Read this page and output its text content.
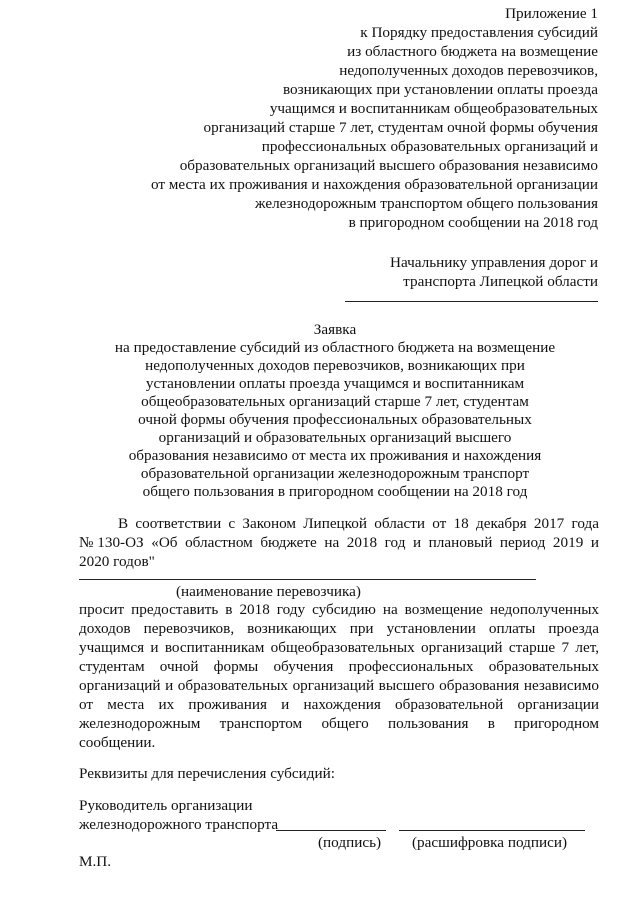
Приложение 1
к Порядку предоставления субсидий
из областного бюджета на возмещение
недополученных доходов перевозчиков,
возникающих при установлении оплаты проезда
учащимся и воспитанникам общеобразовательных
организаций старше 7 лет, студентам очной формы обучения
профессиональных образовательных организаций и
образовательных организаций высшего образования независимо
от места их проживания и нахождения образовательной организации
железнодорожным транспортом общего пользования
в пригородном сообщении на 2018 год
Начальнику управления дорог и
транспорта Липецкой области
Заявка
на предоставление субсидий из областного бюджета на возмещение
недополученных доходов перевозчиков, возникающих при
установлении оплаты проезда учащимся и воспитанникам
общеобразовательных организаций старше 7 лет, студентам
очной формы обучения профессиональных образовательных
организаций и образовательных организаций высшего
образования независимо от места их проживания и нахождения
образовательной организации железнодорожным транспорт
общего пользования в пригородном сообщении на 2018 год
В соответствии с Законом Липецкой области от 18 декабря 2017 года
№130-ОЗ «Об областном бюджете на 2018 год и плановый период 2019 и
2020 годов"
(наименование перевозчика)
просит предоставить в 2018 году субсидию на возмещение недополученных
доходов перевозчиков, возникающих при установлении оплаты проезда
учащимся и воспитанникам общеобразовательных организаций старше 7 лет,
студентам очной формы обучения профессиональных образовательных
организаций и образовательных организаций высшего образования независимо
от места их проживания и нахождения образовательной организации
железнодорожным транспортом общего пользования в пригородном
сообщении.
Реквизиты для перечисления субсидий:
Руководитель организации
железнодорожного транспорта
(подпись) (расшифровка подписи)
М.П.
